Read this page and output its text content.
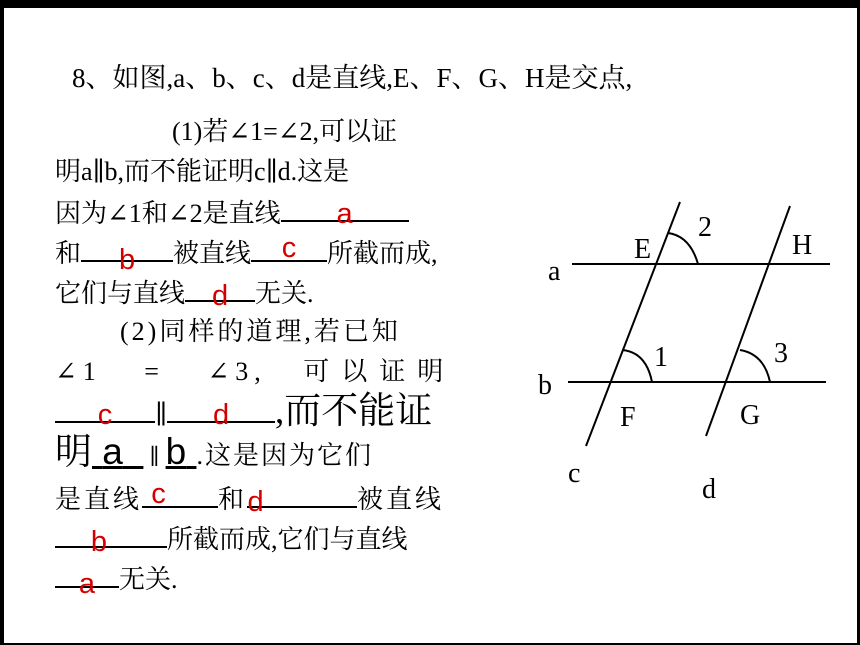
8、如图,a、b、c、d是直线,E、F、G、H是交点,
(1)若∠1=∠2,可以证
明a∥b,而不能证明c∥d.这是
因为∠1和∠2是直线	a
和	b	被直线	c	所截而成,
它们与直线 d	无关.
(2)同样的道理,若已知
∠1 = ∠3, 可以证明
c	∥	d	,而不能证
明 a ∥ b .这是因为它们
是直线 c	和 d	被直线
b	所截而成,它们与直线
a 无关.
a
b
c
d
E	H
F	G
2
1	3
